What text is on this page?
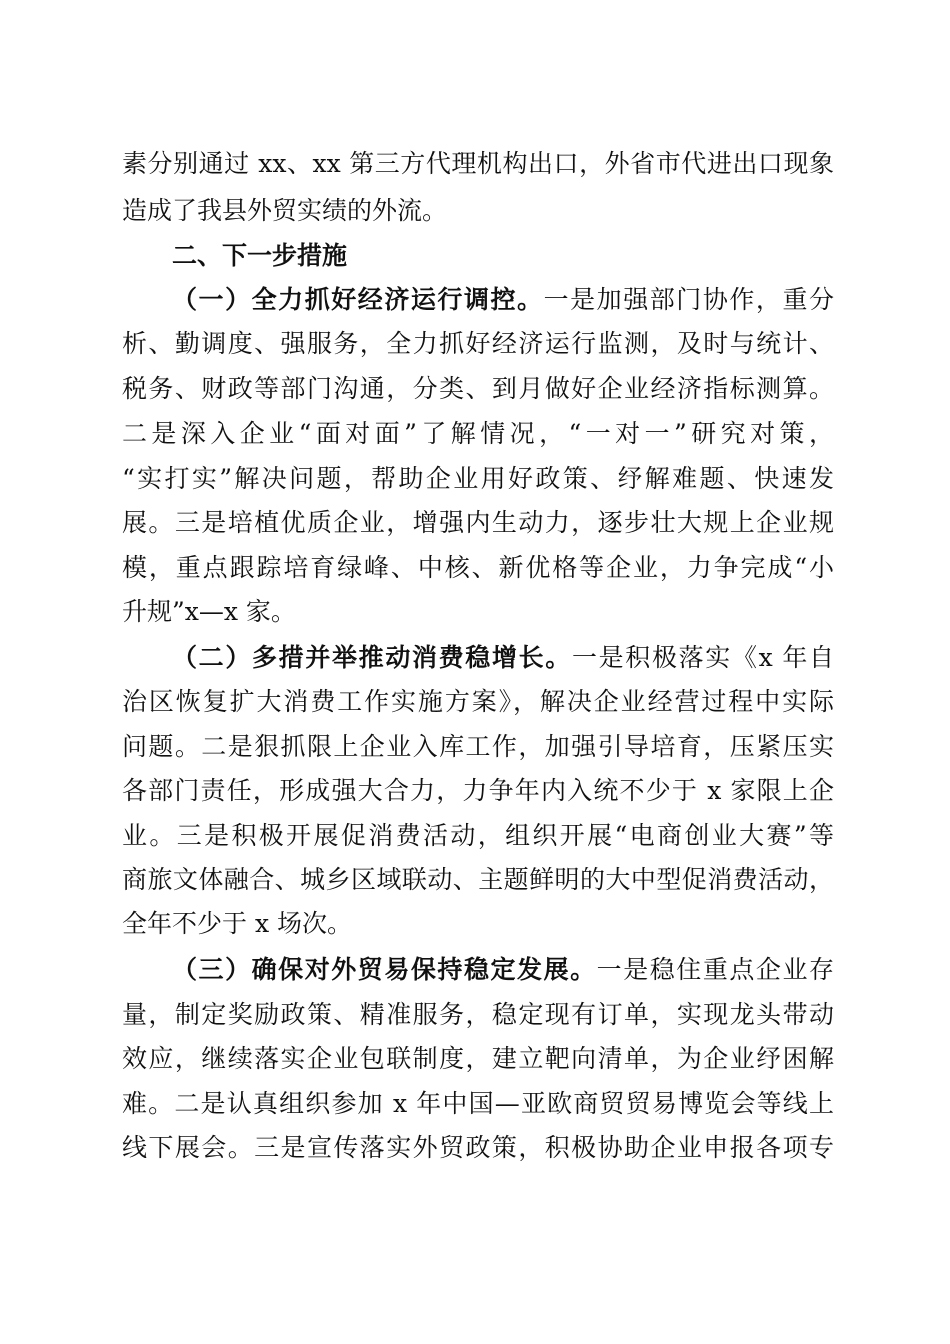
素分别通过 xx、xx 第三方代理机构出口，外省市代进出口现象
造成了我县外贸实绩的外流。
二、下一步措施
（一）全力抓好经济运行调控。一是加强部门协作，重分
析、勤调度、强服务，全力抓好经济运行监测，及时与统计、
税务、财政等部门沟通，分类、到月做好企业经济指标测算。
二是深入企业“面对面”了解情况，“一对一”研究对策，
“实打实”解决问题，帮助企业用好政策、纾解难题、快速发
展。三是培植优质企业，增强内生动力，逐步壮大规上企业规
模，重点跟踪培育绿峰、中核、新优格等企业，力争完成“小
升规”x—x 家。
（二）多措并举推动消费稳增长。一是积极落实《x 年自
治区恢复扩大消费工作实施方案》，解决企业经营过程中实际
问题。二是狠抓限上企业入库工作，加强引导培育，压紧压实
各部门责任，形成强大合力，力争年内入统不少于 x 家限上企
业。三是积极开展促消费活动，组织开展“电商创业大赛”等
商旅文体融合、城乡区域联动、主题鲜明的大中型促消费活动，
全年不少于 x 场次。
（三）确保对外贸易保持稳定发展。一是稳住重点企业存
量，制定奖励政策、精准服务，稳定现有订单，实现龙头带动
效应，继续落实企业包联制度，建立靶向清单，为企业纾困解
难。二是认真组织参加 x 年中国—亚欧商贸贸易博览会等线上
线下展会。三是宣传落实外贸政策，积极协助企业申报各项专
